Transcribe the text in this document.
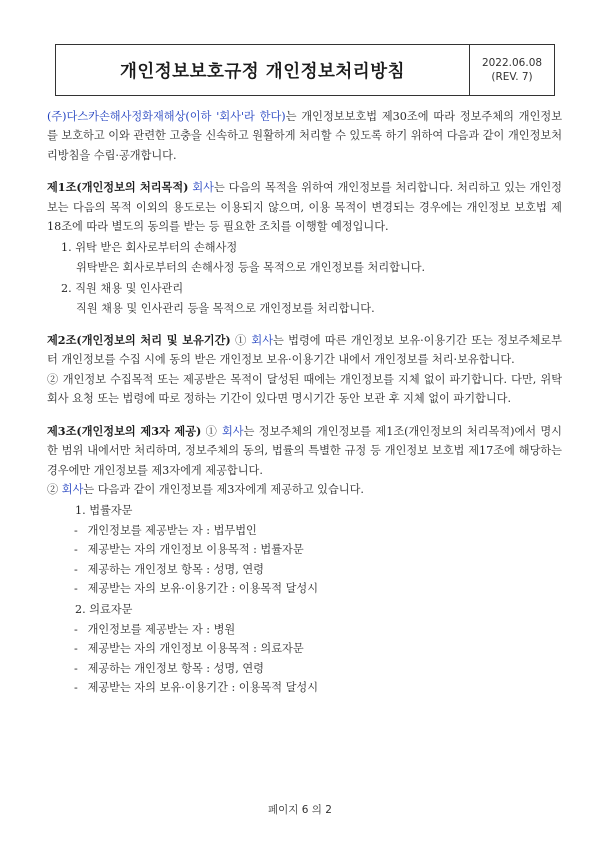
개인정보보호규정 개인정보처리방침	2022.06.08
(REV. 7)

(주)다스카손해사정화재해상(이하 '회사'라 한다)는 개인정보보호법 제30조에 따라 정보주체의 개인정보를 보호하고 이와 관련한 고충을 신속하고 원활하게 처리할 수 있도록 하기 위하여 다음과 같이 개인정보처리방침을 수립·공개합니다.

제1조(개인정보의 처리목적) 회사는 다음의 목적을 위하여 개인정보를 처리합니다. 처리하고 있는 개인정보는 다음의 목적 이외의 용도로는 이용되지 않으며, 이용 목적이 변경되는 경우에는 개인정보 보호법 제18조에 따라 별도의 동의를 받는 등 필요한 조치를 이행할 예정입니다.

1. 위탁 받은 회사로부터의 손해사정

위탁받은 회사로부터의 손해사정 등을 목적으로 개인정보를 처리합니다.

2. 직원 채용 및 인사관리

직원 채용 및 인사관리 등을 목적으로 개인정보를 처리합니다.

제2조(개인정보의 처리 및 보유기간) ① 회사는 법령에 따른 개인정보 보유·이용기간 또는 정보주체로부터 개인정보를 수집 시에 동의 받은 개인정보 보유·이용기간 내에서 개인정보를 처리·보유합니다.

② 개인정보 수집목적 또는 제공받은 목적이 달성된 때에는 개인정보를 지체 없이 파기합니다. 다만, 위탁회사 요청 또는 법령에 따로 정하는 기간이 있다면 명시기간 동안 보관 후 지체 없이 파기합니다.

제3조(개인정보의 제3자 제공) ① 회사는 정보주체의 개인정보를 제1조(개인정보의 처리목적)에서 명시한 범위 내에서만 처리하며, 정보주체의 동의, 법률의 특별한 규정 등 개인정보 보호법 제17조에 해당하는 경우에만 개인정보를 제3자에게 제공합니다.

② 회사는 다음과 같이 개인정보를 제3자에게 제공하고 있습니다.

1. 법률자문

- 개인정보를 제공받는 자 : 법무법인

- 제공받는 자의 개인정보 이용목적 : 법률자문

- 제공하는 개인정보 항목 : 성명, 연령

- 제공받는 자의 보유·이용기간 : 이용목적 달성시

2. 의료자문

- 개인정보를 제공받는 자 : 병원

- 제공받는 자의 개인정보 이용목적 : 의료자문

- 제공하는 개인정보 항목 : 성명, 연령

- 제공받는 자의 보유·이용기간 : 이용목적 달성시

페이지 6 의 2
